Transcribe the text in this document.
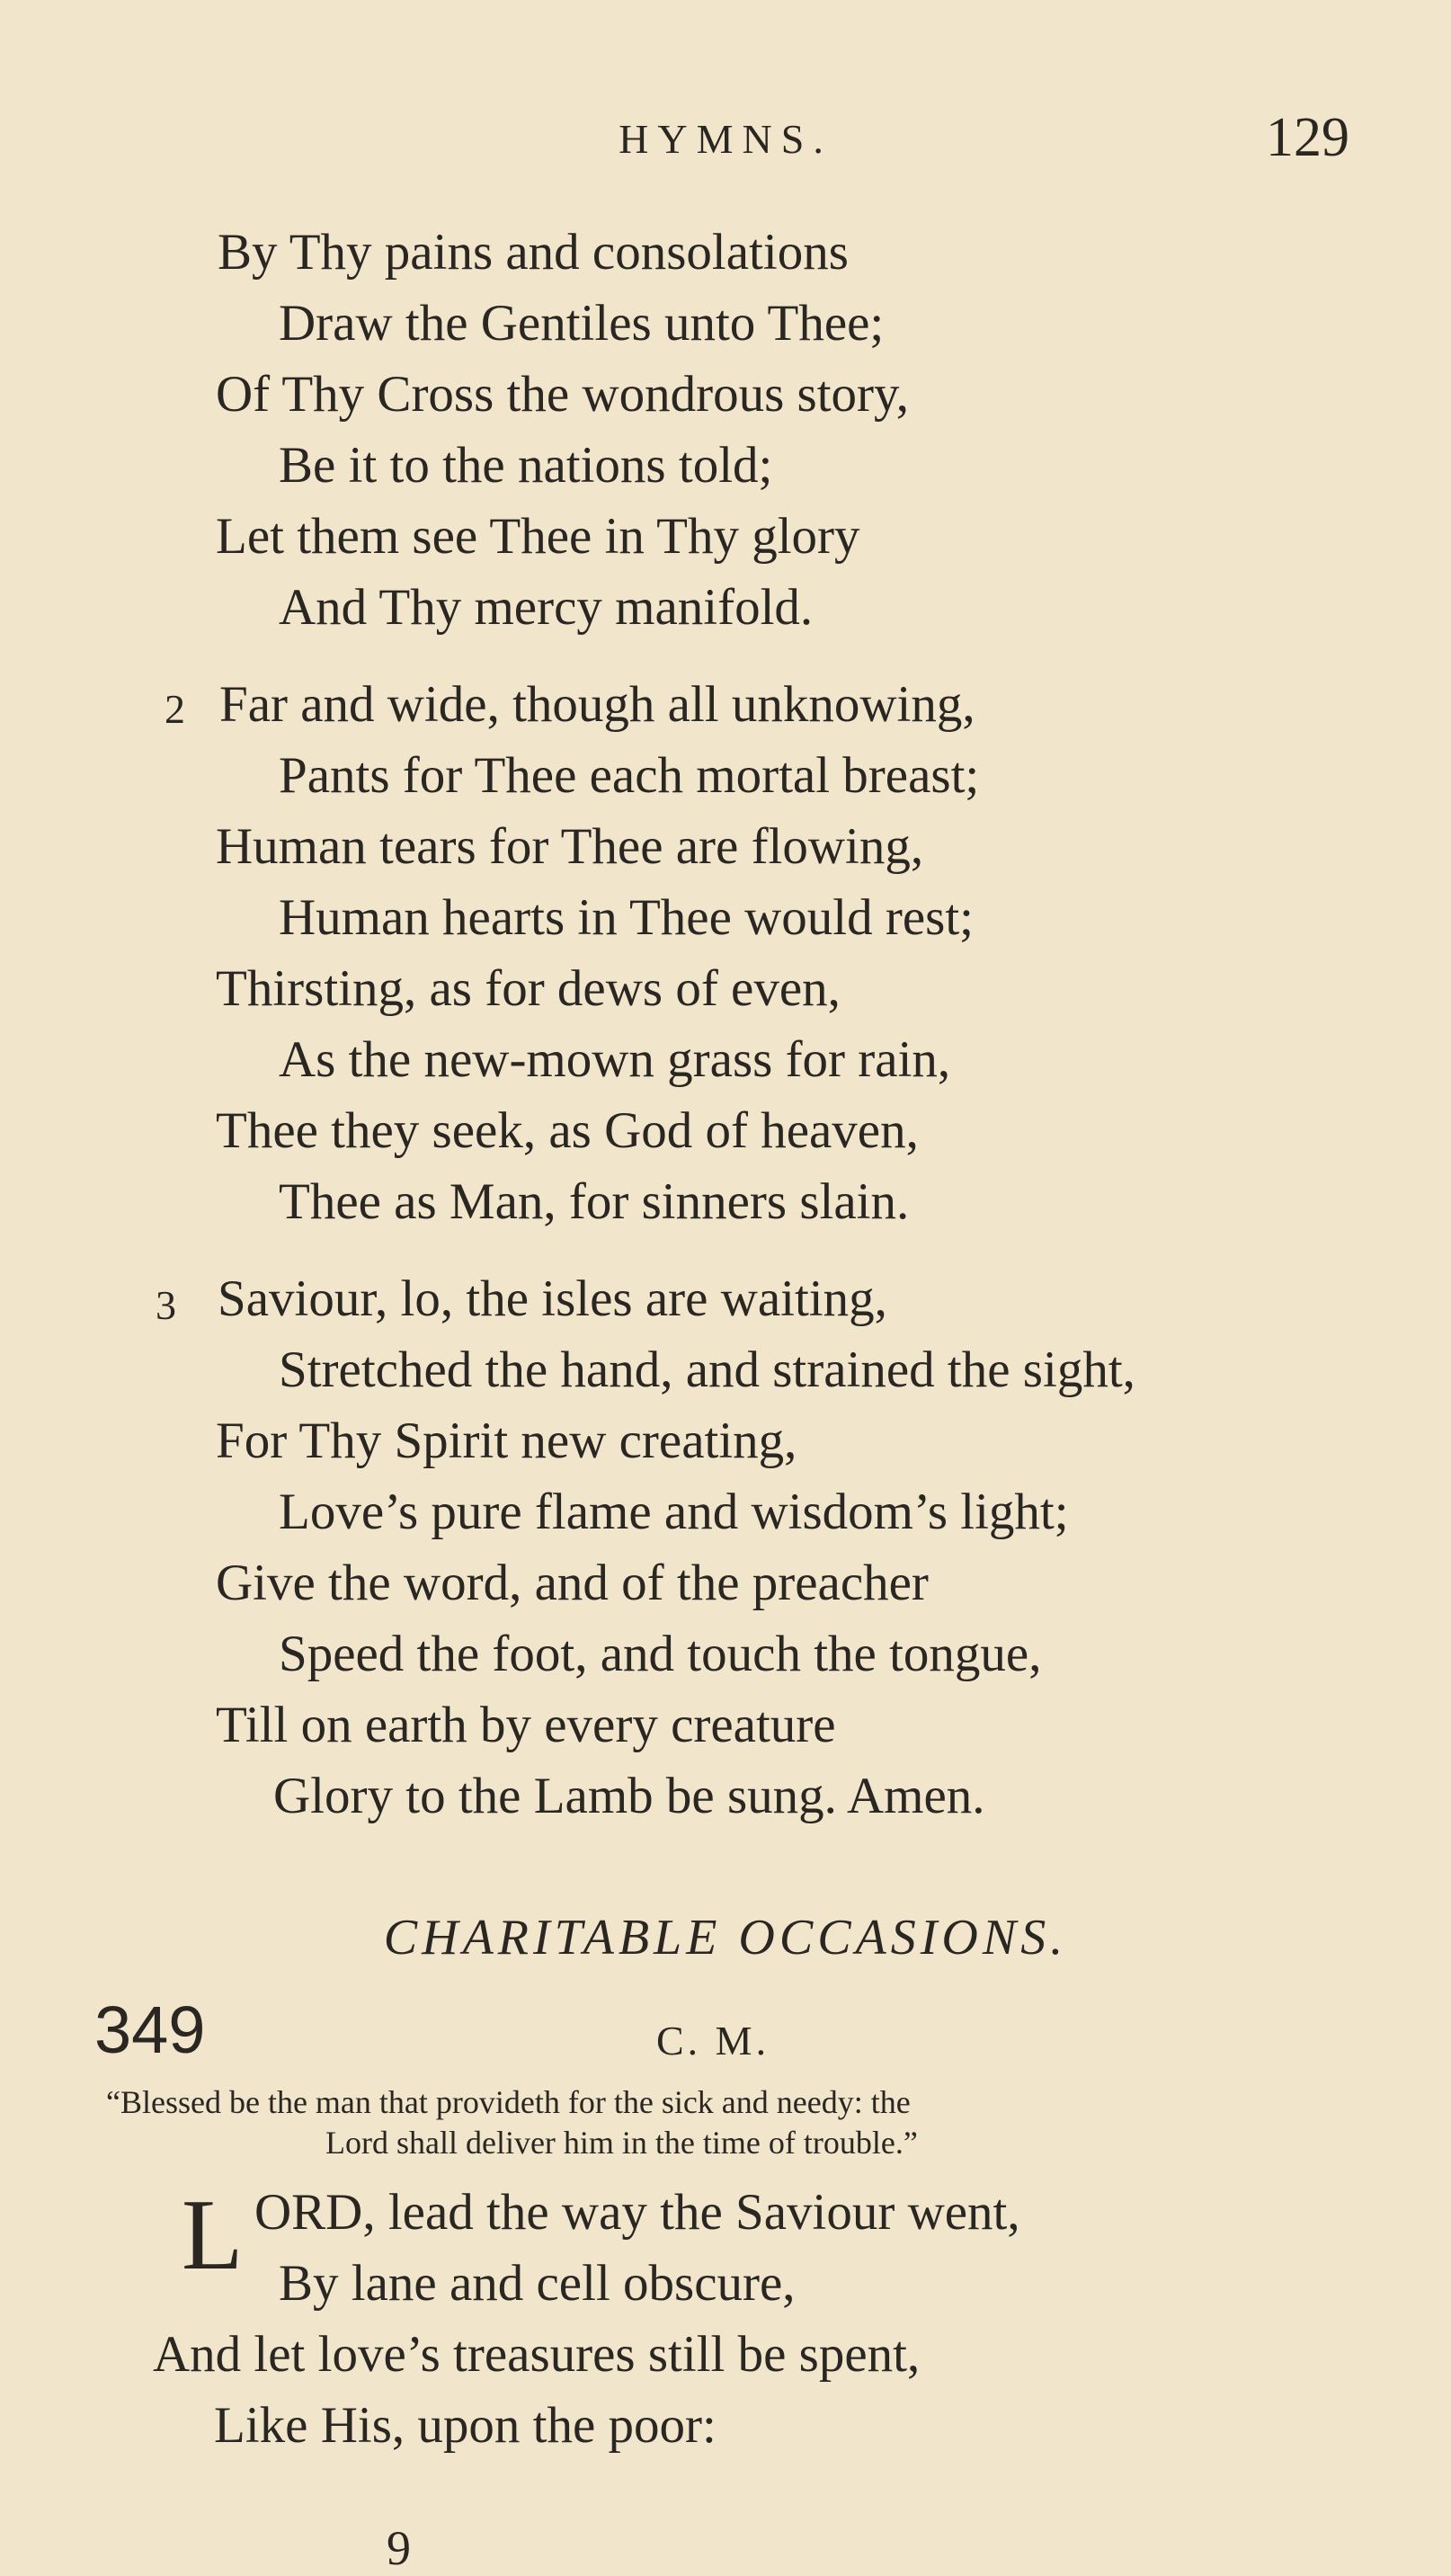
HYMNS.	129
By Thy pains and consolations
Draw the Gentiles unto Thee;
Of Thy Cross the wondrous story,
Be it to the nations told;
Let them see Thee in Thy glory
And Thy mercy manifold.
2 Far and wide, though all unknowing,
Pants for Thee each mortal breast;
Human tears for Thee are flowing,
Human hearts in Thee would rest;
Thirsting, as for dews of even,
As the new-mown grass for rain,
Thee they seek, as God of heaven,
Thee as Man, for sinners slain.
3 Saviour, lo, the isles are waiting,
Stretched the hand, and strained the sight,
For Thy Spirit new creating,
Love’s pure flame and wisdom’s light;
Give the word, and of the preacher
Speed the foot, and touch the tongue,
Till on earth by every creature
Glory to the Lamb be sung. Amen.
CHARITABLE OCCASIONS.
349	C. M.
“Blessed be the man that provideth for the sick and needy: the
Lord shall deliver him in the time of trouble.”
L ORD, lead the way the Saviour went,
By lane and cell obscure,
And let love’s treasures still be spent,
Like His, upon the poor:
9
